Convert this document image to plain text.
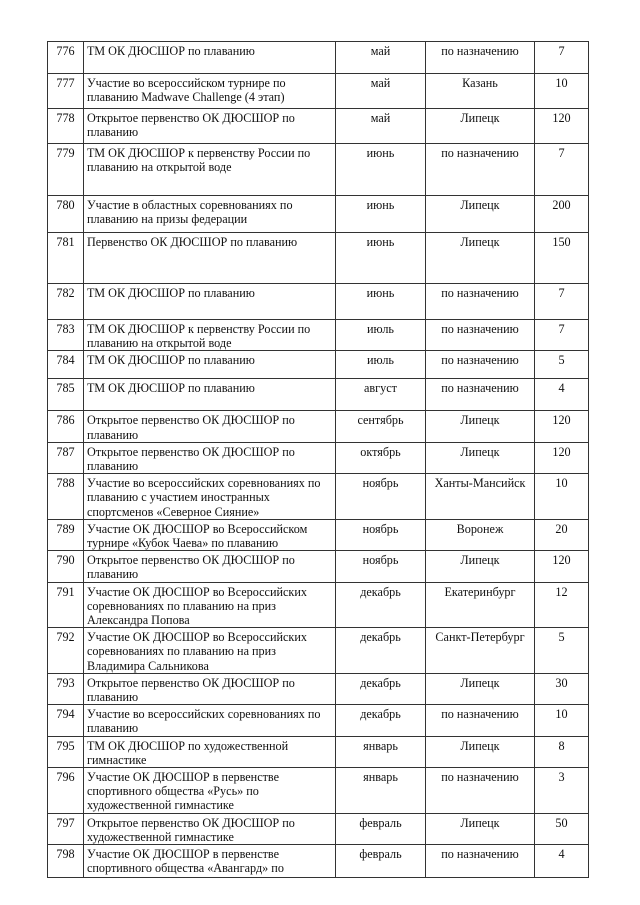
776	ТМ ОК ДЮСШОР по плаванию	май	по назначению	7
777	Участие во всероссийском турнире по плаванию Madwave Challenge (4 этап)	май	Казань	10
778	Открытое первенство ОК ДЮСШОР по плаванию	май	Липецк	120
779	ТМ ОК ДЮСШОР к первенству России по плаванию на открытой воде	июнь	по назначению	7
780	Участие в областных соревнованиях по плаванию на призы федерации	июнь	Липецк	200
781	Первенство ОК ДЮСШОР по плаванию	июнь	Липецк	150
782	ТМ ОК ДЮСШОР по плаванию	июнь	по назначению	7
783	ТМ ОК ДЮСШОР к первенству России по плаванию на открытой воде	июль	по назначению	7
784	ТМ ОК ДЮСШОР по плаванию	июль	по назначению	5
785	ТМ ОК ДЮСШОР по плаванию	август	по назначению	4
786	Открытое первенство ОК ДЮСШОР по плаванию	сентябрь	Липецк	120
787	Открытое первенство ОК ДЮСШОР по плаванию	октябрь	Липецк	120
788	Участие во всероссийских соревнованиях по плаванию с участием иностранных спортсменов «Северное Сияние»	ноябрь	Ханты-Мансийск	10
789	Участие ОК ДЮСШОР во Всероссийском турнире «Кубок Чаева» по плаванию	ноябрь	Воронеж	20
790	Открытое первенство ОК ДЮСШОР по плаванию	ноябрь	Липецк	120
791	Участие ОК ДЮСШОР во Всероссийских соревнованиях по плаванию на приз Александра Попова	декабрь	Екатеринбург	12
792	Участие ОК ДЮСШОР во Всероссийских соревнованиях по плаванию на приз Владимира Сальникова	декабрь	Санкт-Петербург	5
793	Открытое первенство ОК ДЮСШОР по плаванию	декабрь	Липецк	30
794	Участие во всероссийских соревнованиях по плаванию	декабрь	по назначению	10
795	ТМ ОК ДЮСШОР по художественной гимнастике	январь	Липецк	8
796	Участие ОК ДЮСШОР в первенстве спортивного общества «Русь» по художественной гимнастике	январь	по назначению	3
797	Открытое первенство ОК ДЮСШОР по художественной гимнастике	февраль	Липецк	50
798	Участие ОК ДЮСШОР в первенстве спортивного общества «Авангард» по	февраль	по назначению	4
